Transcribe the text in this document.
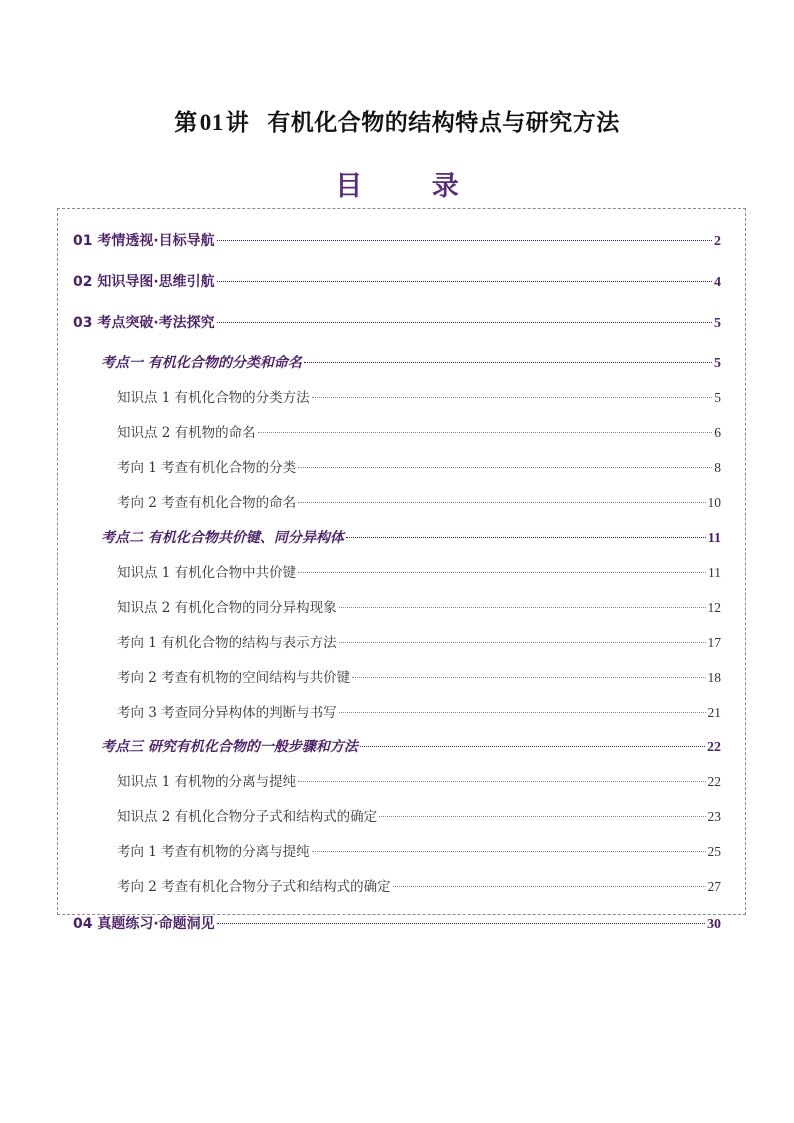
第01讲 有机化合物的结构特点与研究方法
目 录
01 考情透视·目标导航	2
02 知识导图·思维引航	4
03 考点突破·考法探究	5
考点一 有机化合物的分类和命名	5
知识点 1 有机化合物的分类方法	5
知识点 2 有机物的命名	6
考向 1 考查有机化合物的分类	8
考向 2 考查有机化合物的命名	10
考点二 有机化合物共价键、同分异构体	11
知识点 1 有机化合物中共价键	11
知识点 2 有机化合物的同分异构现象	12
考向 1 有机化合物的结构与表示方法	17
考向 2 考查有机物的空间结构与共价键	18
考向 3 考查同分异构体的判断与书写	21
考点三 研究有机化合物的一般步骤和方法	22
知识点 1 有机物的分离与提纯	22
知识点 2 有机化合物分子式和结构式的确定	23
考向 1 考查有机物的分离与提纯	25
考向 2 考查有机化合物分子式和结构式的确定	27
04 真题练习·命题洞见	30
